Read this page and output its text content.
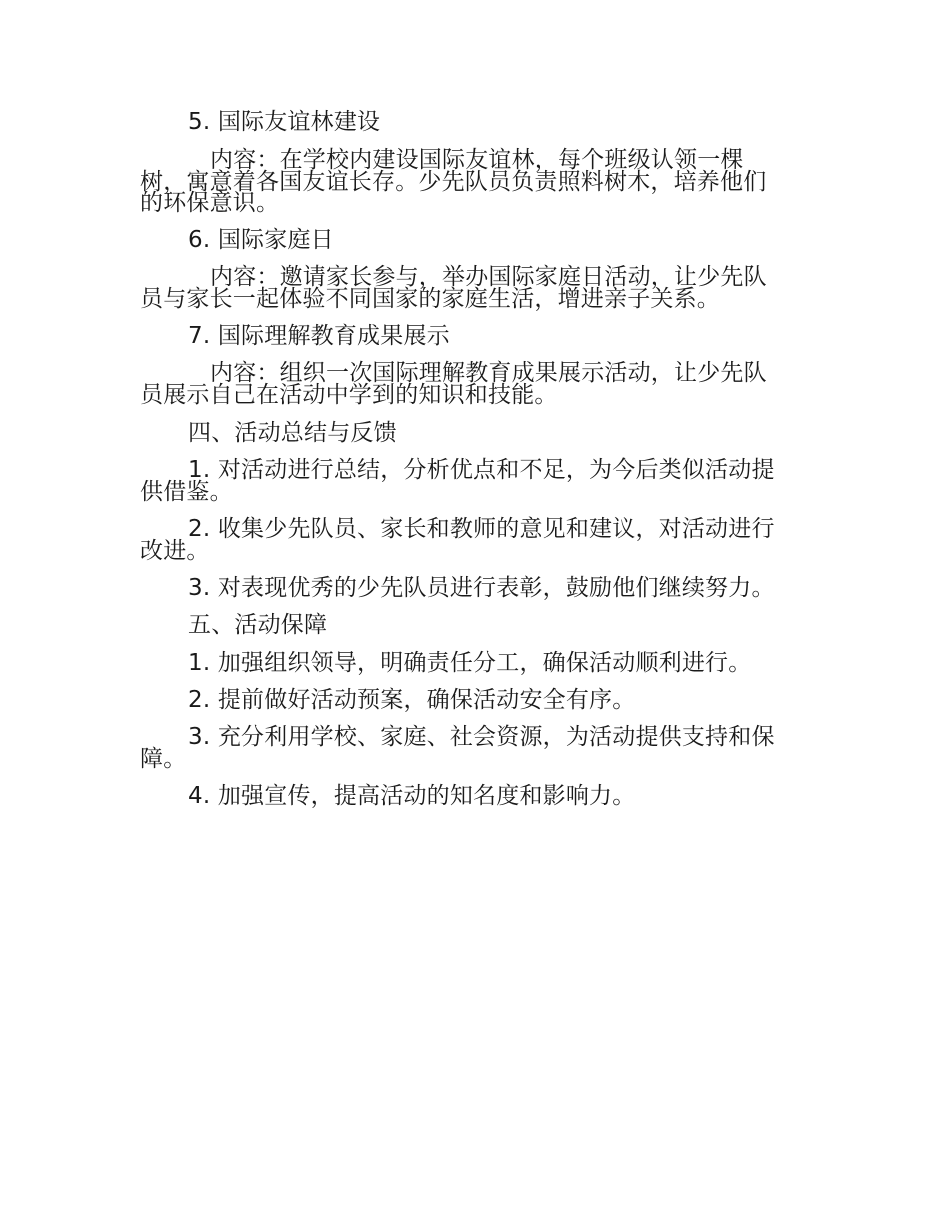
5. 国际友谊林建设
内容：在学校内建设国际友谊林，每个班级认领一棵
树，寓意着各国友谊长存。少先队员负责照料树木，培养他们
的环保意识。
6. 国际家庭日
内容：邀请家长参与，举办国际家庭日活动，让少先队
员与家长一起体验不同国家的家庭生活，增进亲子关系。
7. 国际理解教育成果展示
内容：组织一次国际理解教育成果展示活动，让少先队
员展示自己在活动中学到的知识和技能。
四、活动总结与反馈
1. 对活动进行总结，分析优点和不足，为今后类似活动提
供借鉴。
2. 收集少先队员、家长和教师的意见和建议，对活动进行
改进。
3. 对表现优秀的少先队员进行表彰，鼓励他们继续努力。
五、活动保障
1. 加强组织领导，明确责任分工，确保活动顺利进行。
2. 提前做好活动预案，确保活动安全有序。
3. 充分利用学校、家庭、社会资源，为活动提供支持和保
障。
4. 加强宣传，提高活动的知名度和影响力。
